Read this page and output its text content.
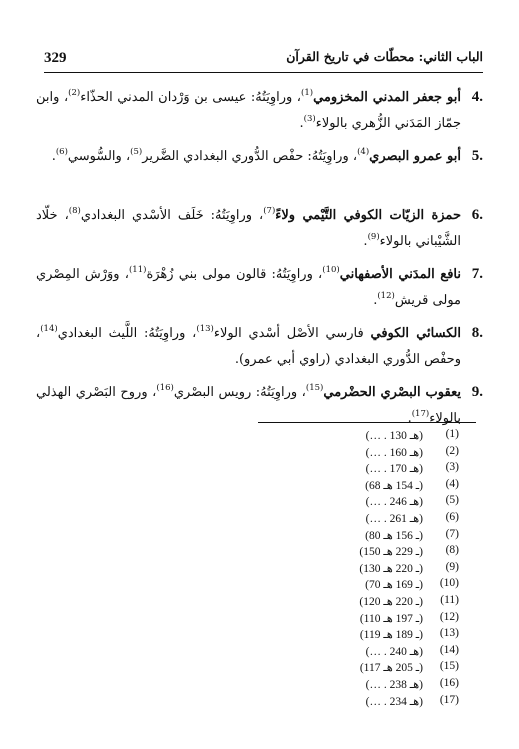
329	الباب الثاني: محطّات في تاريخ القرآن
4.
أبو جعفر المدني المخزومي$^{(1)}$، وراوِيَتُهُ: عيسى بن وَرْدان المدني الحذّاء$^{(2)}$، وابن جمّاز المَدَني الزُّهري بالولاء$^{(3)}$.
5.
أبو عمرو البصري$^{(4)}$، وراوِيَتُهُ: حفْص الدُّوري البغدادي الضَّرير$^{(5)}$، والسُّوسي$^{(6)}$.
6.
حمزة الزيّات الكوفي التَّيْمي ولاءً$^{(7)}$، وراوِيَتُهُ: خَلَف الأسْدي البغدادي$^{(8)}$، خلّاد الشَّيْباني بالولاء$^{(9)}$.
7.
نافع المدَني الأصفهاني$^{(10)}$، وراوِيَتُهُ: قالون مولى بني زُهْرَة$^{(11)}$، ووَرْش المِصْري مولى قريش$^{(12)}$.
8.
الكسائي الكوفي فارسي الأصْل أسْدي الولاء$^{(13)}$، وراوِيَتُهُ: اللَّيث البغدادي$^{(14)}$، وحفْص الدُّوري البغدادي (راوي أبي عمرو).
9.
يعقوب البصْري الحضْرمي$^{(15)}$، وراوِيَتُهُ: رويس البصْري$^{(16)}$، وروح البَصْري الهذلي بالولاء$^{(17)}$.
(1)
(… . 130 هـ)
(2)
(… . 160 هـ)
(3)
(… . 170 هـ)
(4)
(68 ـ 154 هـ)
(5)
(… . 246 هـ)
(6)
(… . 261 هـ)
(7)
(80 ـ 156 هـ)
(8)
(150 ـ 229 هـ)
(9)
(130 ـ 220 هـ)
(10)
(70 ـ 169 هـ)
(11)
(120 ـ 220 هـ)
(12)
(110 ـ 197 هـ)
(13)
(119 ـ 189 هـ)
(14)
(… . 240 هـ)
(15)
(117 ـ 205 هـ)
(16)
(… . 238 هـ)
(17)
(… . 234 هـ)
